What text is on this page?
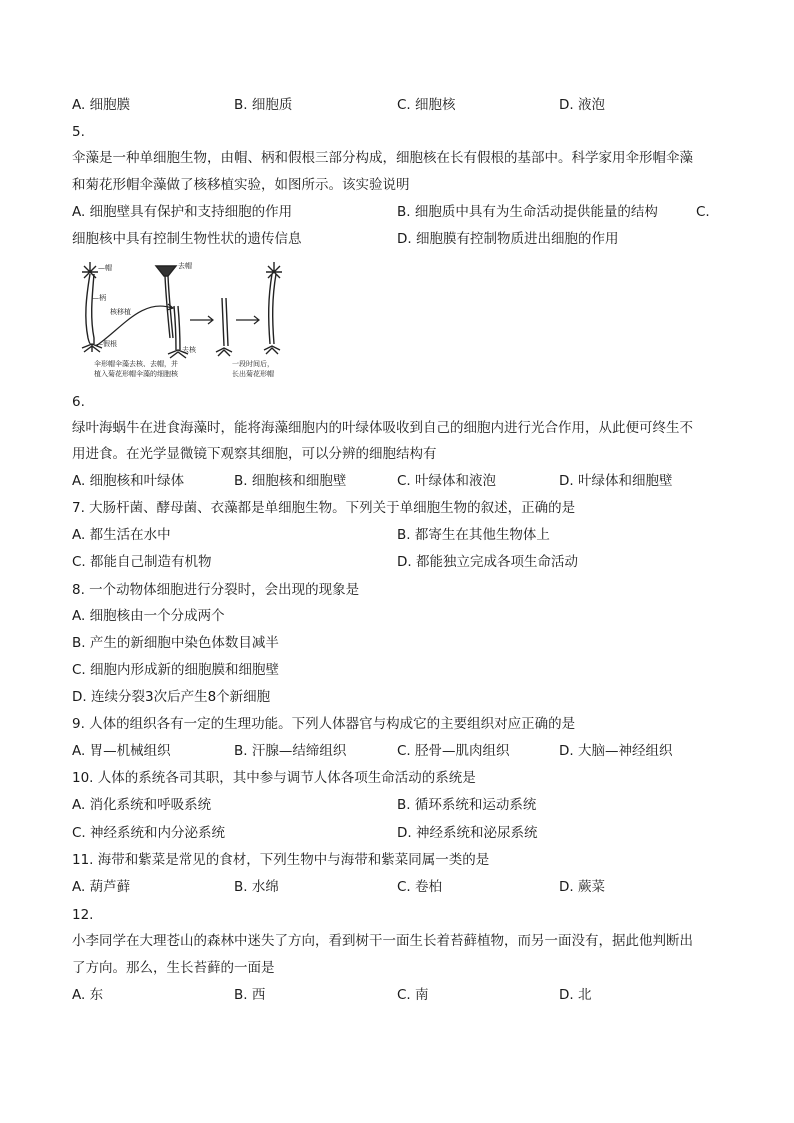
A. 细胞膜	B. 细胞质	C. 细胞核	D. 液泡
5.
伞藻是一种单细胞生物，由帽、柄和假根三部分构成，细胞核在长有假根的基部中。科学家用伞形帽伞藻
和菊花形帽伞藻做了核移植实验，如图所示。该实验说明
A. 细胞壁具有保护和支持细胞的作用	B. 细胞质中具有为生命活动提供能量的结构	C.
细胞核中具有控制生物性状的遗传信息	D. 细胞膜有控制物质进出细胞的作用
—帽
—柄
核移植
—假根
去帽
去核
伞形帽伞藻去核、去帽，并
植入菊花形帽伞藻的细胞核
一段时间后，
长出菊花形帽
6.
绿叶海蜗牛在进食海藻时，能将海藻细胞内的叶绿体吸收到自己的细胞内进行光合作用，从此便可终生不
用进食。在光学显微镜下观察其细胞，可以分辨的细胞结构有
A. 细胞核和叶绿体	B. 细胞核和细胞壁	C. 叶绿体和液泡	D. 叶绿体和细胞壁
7. 大肠杆菌、酵母菌、衣藻都是单细胞生物。下列关于单细胞生物的叙述，正确的是
A. 都生活在水中	B. 都寄生在其他生物体上
C. 都能自己制造有机物	D. 都能独立完成各项生命活动
8. 一个动物体细胞进行分裂时，会出现的现象是
A. 细胞核由一个分成两个
B. 产生的新细胞中染色体数目减半
C. 细胞内形成新的细胞膜和细胞壁
D. 连续分裂3次后产生8个新细胞
9. 人体的组织各有一定的生理功能。下列人体器官与构成它的主要组织对应正确的是
A. 胃—机械组织	B. 汗腺—结缔组织	C. 胫骨—肌肉组织	D. 大脑—神经组织
10. 人体的系统各司其职，其中参与调节人体各项生命活动的系统是
A. 消化系统和呼吸系统	B. 循环系统和运动系统
C. 神经系统和内分泌系统	D. 神经系统和泌尿系统
11. 海带和紫菜是常见的食材，下列生物中与海带和紫菜同属一类的是
A. 葫芦藓	B. 水绵	C. 卷柏	D. 蕨菜
12.
小李同学在大理苍山的森林中迷失了方向，看到树干一面生长着苔藓植物，而另一面没有，据此他判断出
了方向。那么，生长苔藓的一面是
A. 东	B. 西	C. 南	D. 北
